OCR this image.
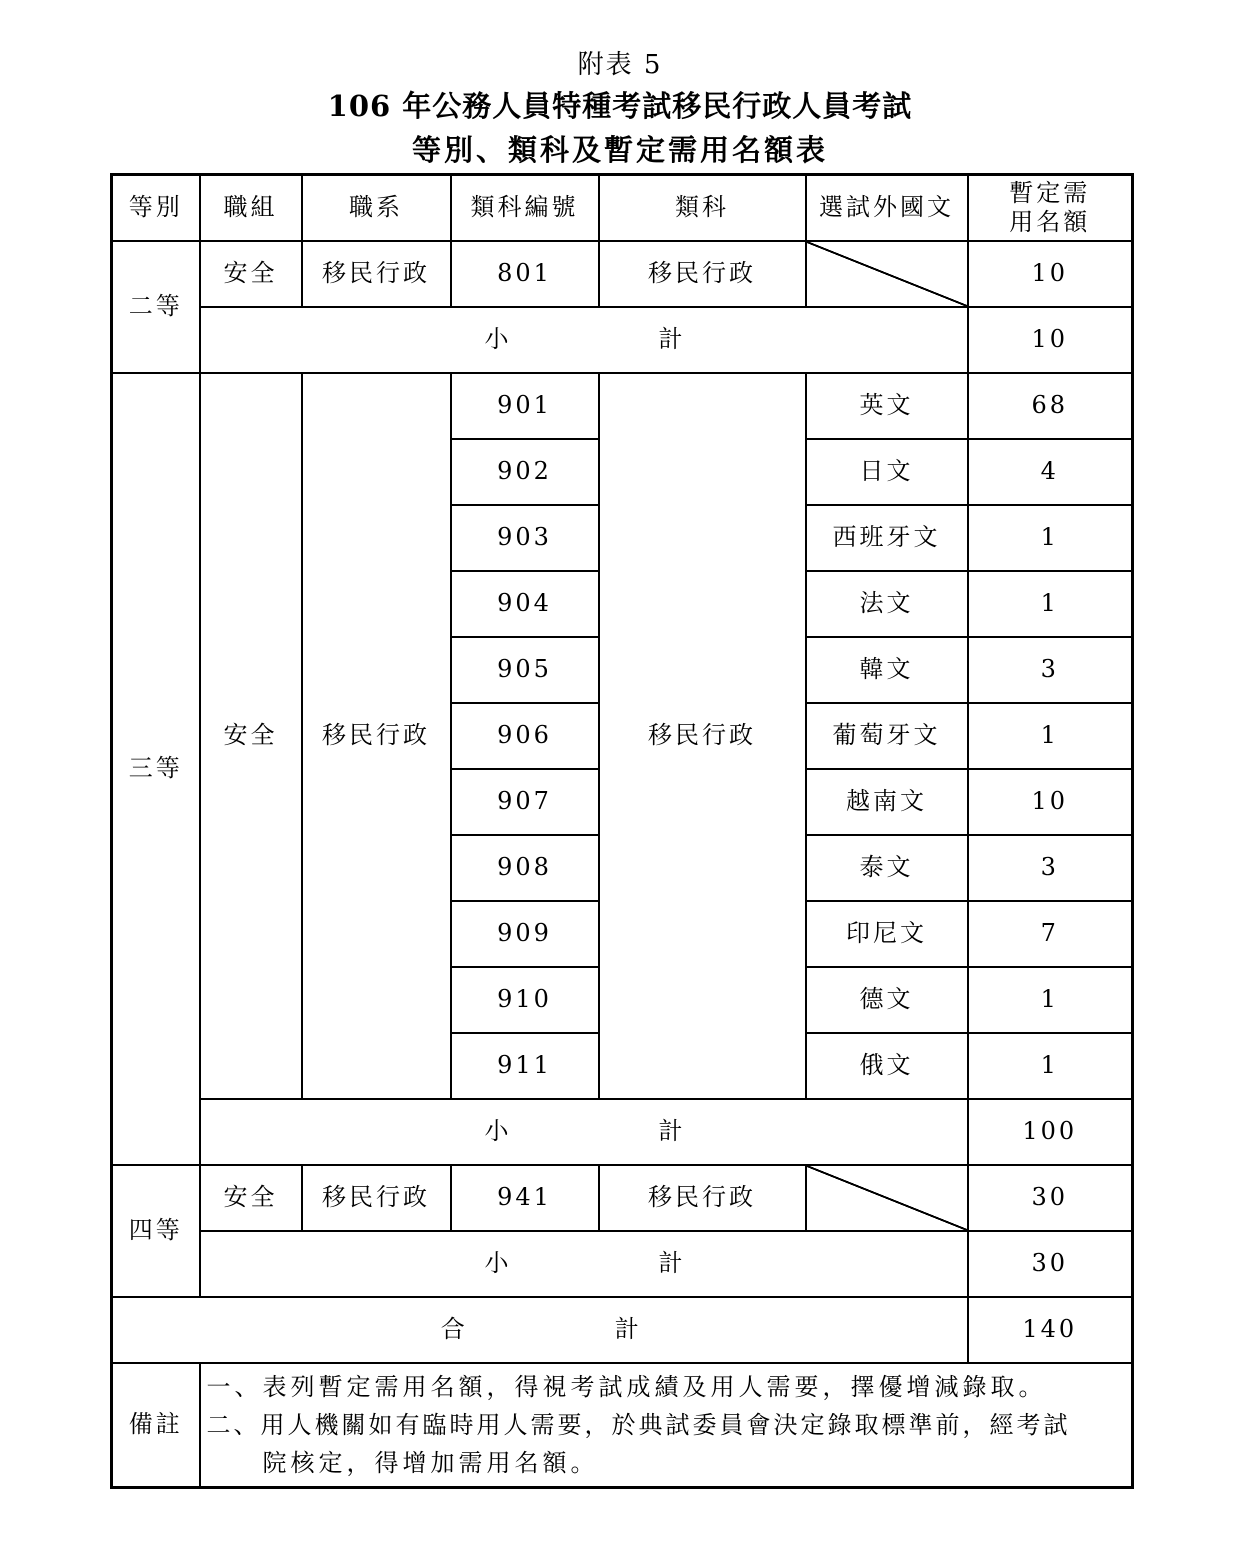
附表 5
106 年公務人員特種考試移民行政人員考試
等別、類科及暫定需用名額表
等別	職組	職系	類科編號	類科	選試外國文	暫定需用名額
二等	安全	移民行政	801	移民行政		10
	小計					10
三等	安全	移民行政	901	移民行政	英文	68
			902		日文	4
			903		西班牙文	1
			904		法文	1
			905		韓文	3
			906		葡萄牙文	1
			907		越南文	10
			908		泰文	3
			909		印尼文	7
			910		德文	1
			911		俄文	1
	小計					100
四等	安全	移民行政	941	移民行政		30
	小計					30
合計						140
備註	一、表列暫定需用名額，得視考試成績及用人需要，擇優增減錄取。
二、用人機關如有臨時用人需要，於典試委員會決定錄取標準前，經考試
院核定，得增加需用名額。					
